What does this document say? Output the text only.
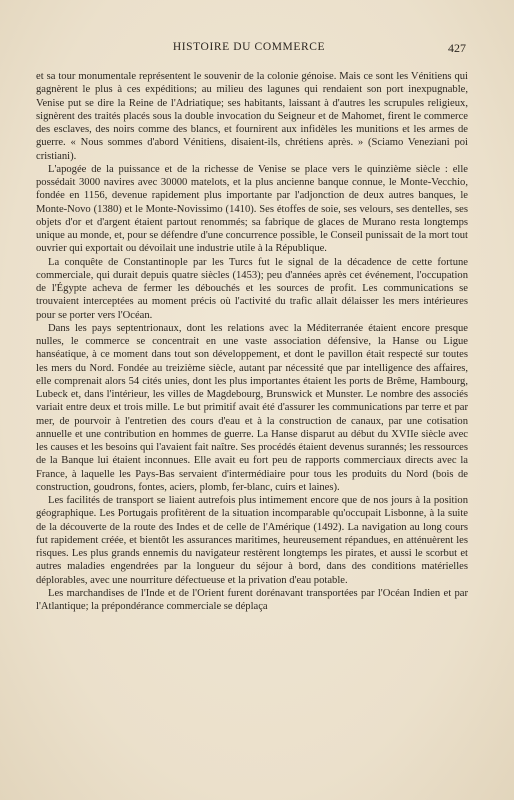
HISTOIRE DU COMMERCE	427

et sa tour monumentale représentent le souvenir de la colonie génoise. Mais ce sont les Vénitiens qui gagnèrent le plus à ces expéditions; au milieu des lagunes qui rendaient son port inexpugnable, Venise put se dire la Reine de l'Adriatique; ses habitants, laissant à d'autres les scrupules religieux, signèrent des traités placés sous la double invocation du Seigneur et de Mahomet, firent le commerce des esclaves, des noirs comme des blancs, et fournirent aux infidèles les munitions et les armes de guerre. « Nous sommes d'abord Vénitiens, disaient-ils, chrétiens après. » (Sciamo Veneziani poi cristiani).

L'apogée de la puissance et de la richesse de Venise se place vers le quinzième siècle : elle possédait 3000 navires avec 30000 matelots, et la plus ancienne banque connue, le Monte-Vecchio, fondée en 1156, devenue rapidement plus importante par l'adjonction de deux autres banques, le Monte-Novo (1380) et le Monte-Novissimo (1410). Ses étoffes de soie, ses velours, ses dentelles, ses objets d'or et d'argent étaient partout renommés; sa fabrique de glaces de Murano resta longtemps unique au monde, et, pour se défendre d'une concurrence possible, le Conseil punissait de la mort tout ouvrier qui exportait ou dévoilait une industrie utile à la République.

La conquête de Constantinople par les Turcs fut le signal de la décadence de cette fortune commerciale, qui durait depuis quatre siècles (1453); peu d'années après cet événement, l'occupation de l'Égypte acheva de fermer les débouchés et les sources de profit. Les communications se trouvaient interceptées au moment précis où l'activité du trafic allait délaisser les mers intérieures pour se porter vers l'Océan.

Dans les pays septentrionaux, dont les relations avec la Méditerranée étaient encore presque nulles, le commerce se concentrait en une vaste association défensive, la Hanse ou Ligue hanséatique, à ce moment dans tout son développement, et dont le pavillon était respecté sur toutes les mers du Nord. Fondée au treizième siècle, autant par nécessité que par intelligence des affaires, elle comprenait alors 54 cités unies, dont les plus importantes étaient les ports de Brême, Hambourg, Lubeck et, dans l'intérieur, les villes de Magdebourg, Brunswick et Munster. Le nombre des associés variait entre deux et trois mille. Le but primitif avait été d'assurer les communications par terre et par mer, de pourvoir à l'entretien des cours d'eau et à la construction de canaux, par une cotisation annuelle et une contribution en hommes de guerre. La Hanse disparut au début du XVIIe siècle avec les causes et les besoins qui l'avaient fait naître. Ses procédés étaient devenus surannés; les ressources de la Banque lui étaient inconnues. Elle avait eu fort peu de rapports commerciaux directs avec la France, à laquelle les Pays-Bas servaient d'intermédiaire pour tous les produits du Nord (bois de construction, goudrons, fontes, aciers, plomb, fer-blanc, cuirs et laines).

Les facilités de transport se liaient autrefois plus intimement encore que de nos jours à la position géographique. Les Portugais profitèrent de la situation incomparable qu'occupait Lisbonne, à la suite de la découverte de la route des Indes et de celle de l'Amérique (1492). La navigation au long cours fut rapidement créée, et bientôt les assurances maritimes, heureusement répandues, en atténuèrent les risques. Les plus grands ennemis du navigateur restèrent longtemps les pirates, et aussi le scorbut et autres maladies engendrées par la longueur du séjour à bord, dans des conditions matérielles déplorables, avec une nourriture défectueuse et la privation d'eau potable.

Les marchandises de l'Inde et de l'Orient furent dorénavant transportées par l'Océan Indien et par l'Atlantique; la prépondérance commerciale se déplaça
